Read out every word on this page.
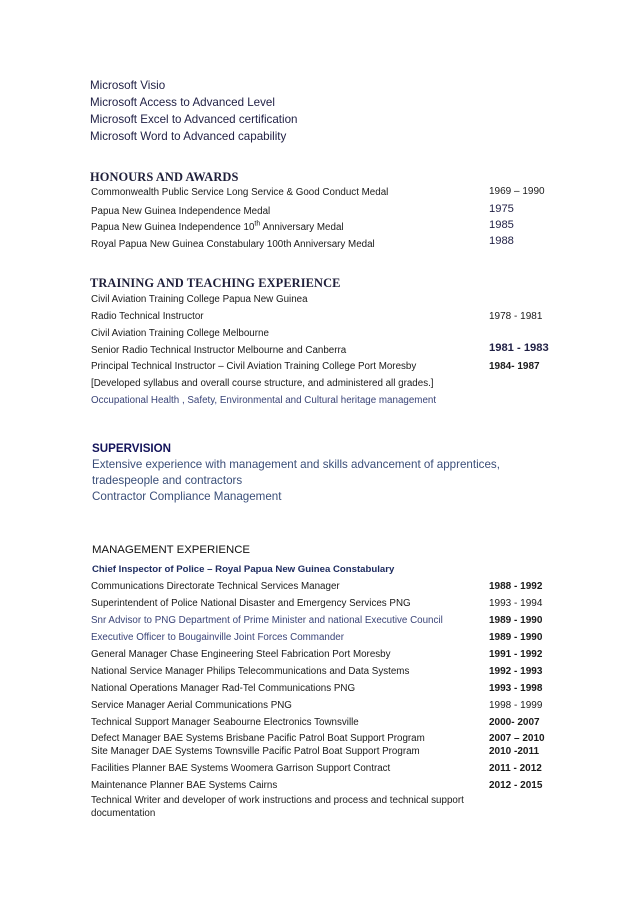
Microsoft Visio
Microsoft Access to Advanced Level
Microsoft Excel to Advanced certification
Microsoft Word to Advanced capability
HONOURS AND AWARDS
Commonwealth Public Service Long Service & Good Conduct Medal	1969 – 1990
Papua New Guinea Independence Medal	1975
Papua New Guinea Independence 10th Anniversary Medal	1985
Royal Papua New Guinea Constabulary 100th Anniversary Medal	1988
TRAINING AND TEACHING EXPERIENCE
Civil Aviation Training College Papua New Guinea
Radio Technical Instructor	1978 - 1981
Civil Aviation Training College Melbourne
Senior Radio Technical Instructor Melbourne and Canberra	1981 - 1983
Principal Technical Instructor – Civil Aviation Training College Port Moresby	1984- 1987
[Developed syllabus and overall course structure, and administered all grades.]
Occupational Health , Safety, Environmental and Cultural heritage management
SUPERVISION
Extensive experience with management and skills advancement of apprentices,
tradespeople and contractors
Contractor Compliance Management
MANAGEMENT EXPERIENCE
Chief Inspector of Police – Royal Papua New Guinea Constabulary
Communications Directorate Technical Services Manager	1988 - 1992
Superintendent of Police National Disaster and Emergency Services PNG	1993 - 1994
Snr Advisor to PNG Department of Prime Minister and national Executive Council	1989 - 1990
Executive Officer to Bougainville Joint Forces Commander	1989 - 1990
General Manager Chase Engineering Steel Fabrication Port Moresby	1991 - 1992
National Service Manager Philips Telecommunications and Data Systems	1992 - 1993
National Operations Manager Rad-Tel Communications PNG	1993 - 1998
Service Manager Aerial Communications PNG	1998 - 1999
Technical Support Manager Seabourne Electronics Townsville	2000- 2007
Defect Manager BAE Systems Brisbane Pacific Patrol Boat Support Program	2007 – 2010
Site Manager DAE Systems Townsville Pacific Patrol Boat Support Program	2010 -2011
Facilities Planner BAE Systems Woomera Garrison Support Contract	2011 - 2012
Maintenance Planner BAE Systems Cairns	2012 - 2015
Technical Writer and developer of work instructions and process and technical support
documentation
